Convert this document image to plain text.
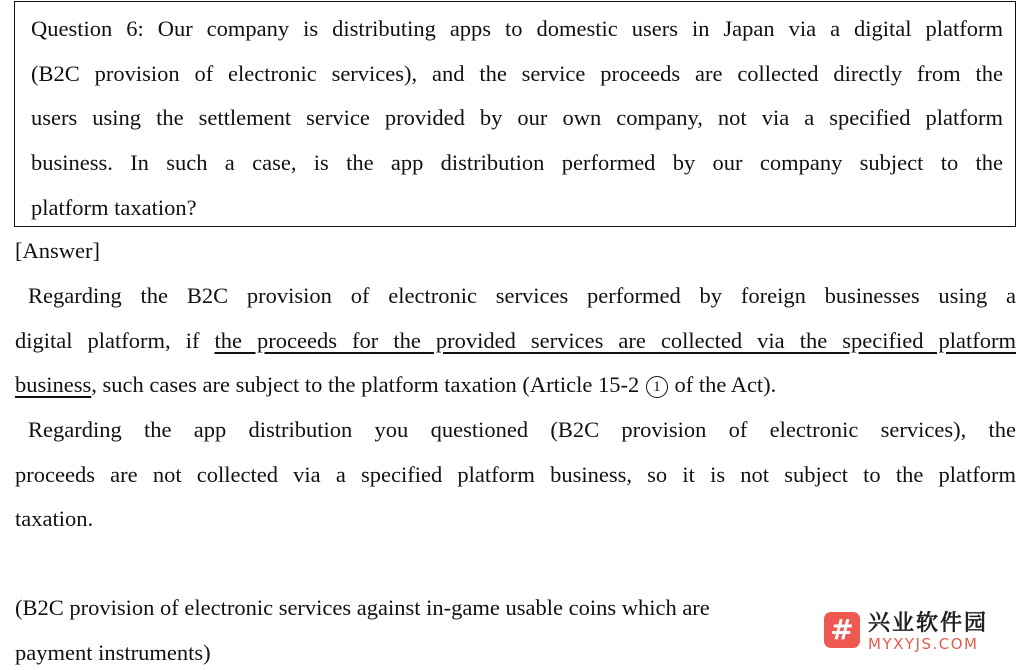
Question 6: Our company is distributing apps to domestic users in Japan via a digital platform
(B2C provision of electronic services), and the service proceeds are collected directly from the
users using the settlement service provided by our own company, not via a specified platform
business. In such a case, is the app distribution performed by our company subject to the
platform taxation?
[Answer]
Regarding the B2C provision of electronic services performed by foreign businesses using a
digital platform, if the proceeds for the provided services are collected via the specified platform
business, such cases are subject to the platform taxation (Article 15-2 1 of the Act).
Regarding the app distribution you questioned (B2C provision of electronic services), the
proceeds are not collected via a specified platform business, so it is not subject to the platform
taxation.
(B2C provision of electronic services against in-game usable coins which are
payment instruments)
# 兴业软件园
MYXYJS.COM
